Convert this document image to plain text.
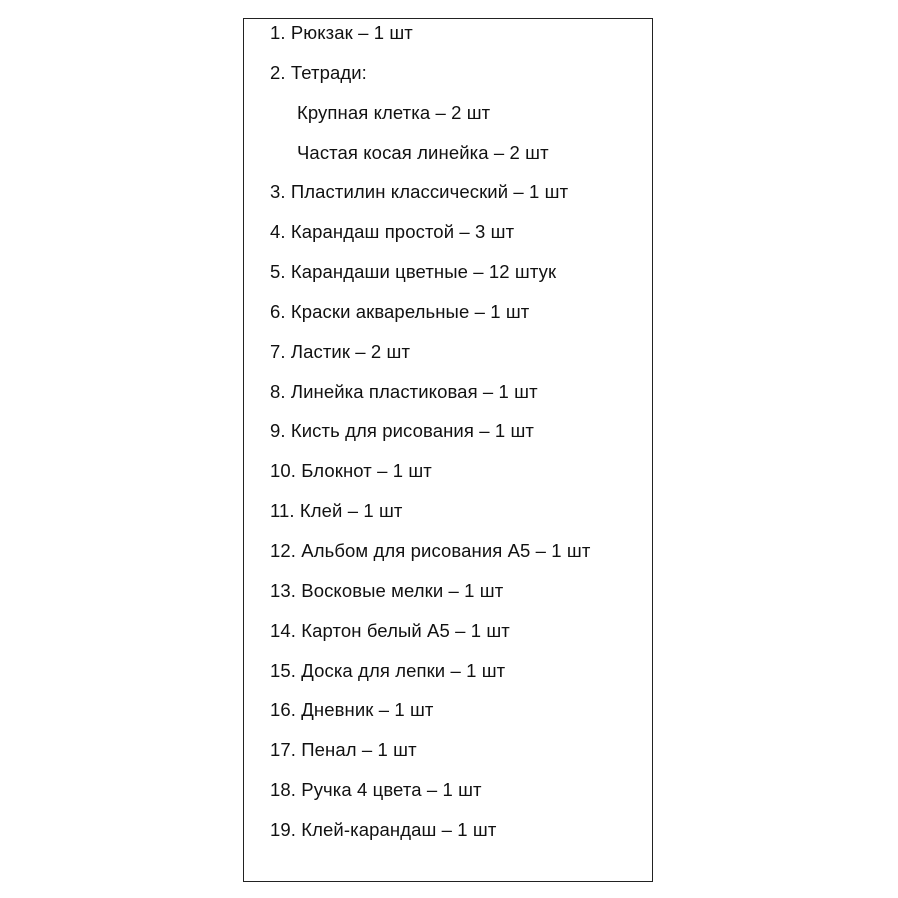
1. Рюкзак – 1 шт
2. Тетради:
Крупная клетка – 2 шт
Частая косая линейка – 2 шт
3. Пластилин классический – 1 шт
4. Карандаш простой – 3 шт
5. Карандаши цветные – 12 штук
6. Краски акварельные – 1 шт
7. Ластик – 2 шт
8. Линейка пластиковая – 1 шт
9. Кисть для рисования – 1 шт
10. Блокнот – 1 шт
11. Клей – 1 шт
12. Альбом для рисования А5 – 1 шт
13. Восковые мелки – 1 шт
14. Картон белый А5 – 1 шт
15. Доска для лепки – 1 шт
16. Дневник – 1 шт
17. Пенал – 1 шт
18. Ручка 4 цвета – 1 шт
19. Клей-карандаш – 1 шт
